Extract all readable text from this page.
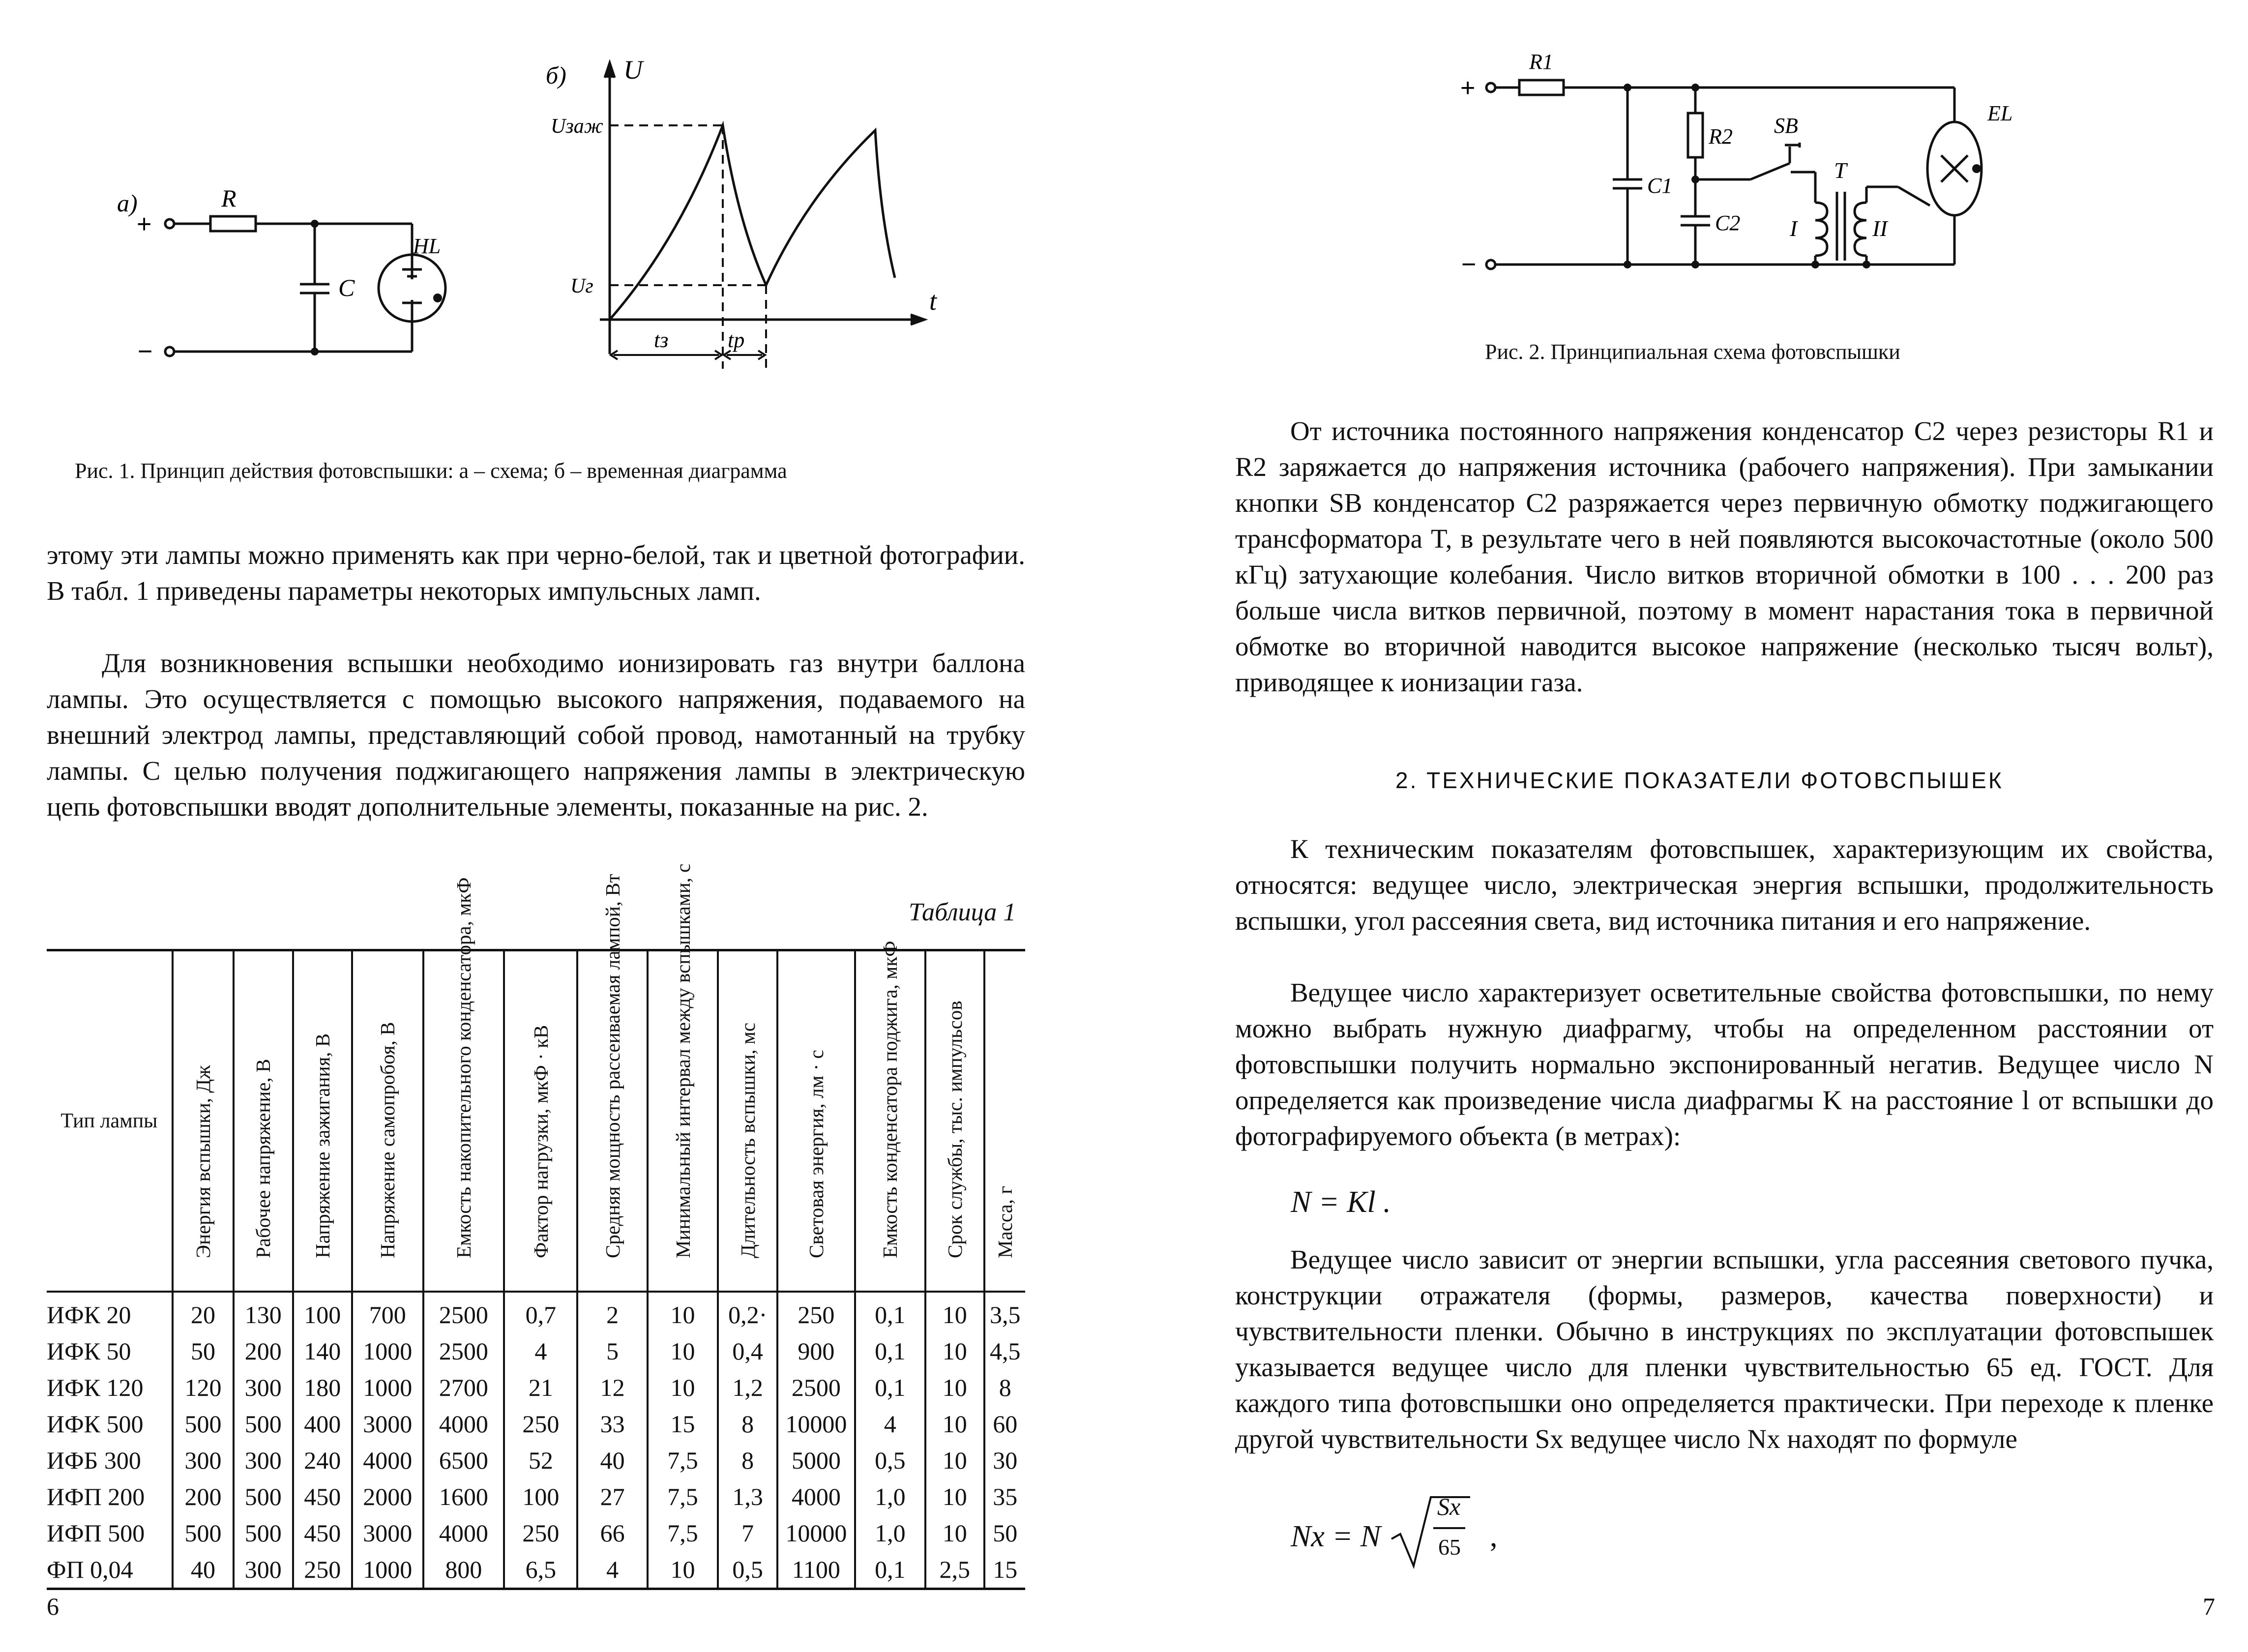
а)
+
−
R
C
HL
б) U
Uзаж
Uг	t
tз	tр
Рис. 1. Принцип действия фотовспышки: а – схема; б – временная диаграмма

этому эти лампы можно применять как при черно-белой, так и цветной фотографии. В табл. 1 приведены параметры некоторых импульсных ламп.

Для возникновения вспышки необходимо ионизировать газ внутри баллона лампы. Это осуществляется с помощью высокого напряжения, подаваемого на внешний электрод лампы, представляющий собой провод, намотанный на трубку лампы. С целью получения поджигающего напряжения лампы в электрическую цепь фотовспышки вводят дополнительные элементы, показанные на рис. 2.

Таблица 1
Тип лампы	Энергия вспышки, Дж	Рабочее напряжение, В	Напряжение зажигания, В	Напряжение самопробоя, В	Емкость накопительного конденсатора, мкФ	Фактор нагрузки, мкФ · кВ	Средняя мощность рассеиваемая лампой, Вт	Минимальный интервал между вспышками, с	Длительность вспышки, мс	Световая энергия, лм · с	Емкость конденсатора поджига, мкФ	Срок службы, тыс. импульсов	Масса, г

ИФК 20	20	130	100	700	2500	0,7	2	10	0,2·	250	0,1	10	3,5
ИФК 50	50	200	140	1000	2500	4	5	10	0,4	900	0,1	10	4,5
ИФК 120	120	300	180	1000	2700	21	12	10	1,2	2500	0,1	10	8
ИФК 500	500	500	400	3000	4000	250	33	15	8	10000	4	10	60
ИФБ 300	300	300	240	4000	6500	52	40	7,5	8	5000	0,5	10	30
ИФП 200	200	500	450	2000	1600	100	27	7,5	1,3	4000	1,0	10	35
ИФП 500	500	500	450	3000	4000	250	66	7,5	7	10000	1,0	10	50
ФП 0,04	40	300	250	1000	800	6,5	4	10	0,5	1100	0,1	2,5	15
6
+
−
R1
R2
C1
C2
SB
T
I	II
EL
Рис. 2. Принципиальная схема фотовспышки

От источника постоянного напряжения конденсатор C2 через резисторы R1 и R2 заряжается до напряжения источника (рабочего напряжения). При замыкании кнопки SB конденсатор C2 разряжается через первичную обмотку поджигающего трансформатора T, в результате чего в ней появляются высокочастотные (около 500 кГц) затухающие колебания. Число витков вторичной обмотки в 100 . . . 200 раз больше числа витков первичной, поэтому в момент нарастания тока в первичной обмотке во вторичной наводится высокое напряжение (несколько тысяч вольт), приводящее к ионизации газа.

2. ТЕХНИЧЕСКИЕ ПОКАЗАТЕЛИ ФОТОВСПЫШЕК

К техническим показателям фотовспышек, характеризующим их свойства, относятся: ведущее число, электрическая энергия вспышки, продолжительность вспышки, угол рассеяния света, вид источника питания и его напряжение.

Ведущее число характеризует осветительные свойства фотовспышки, по нему можно выбрать нужную диафрагму, чтобы на определенном расстоянии от фотовспышки получить нормально экспонированный негатив. Ведущее число N определяется как произведение числа диафрагмы K на расстояние l от вспышки до фотографируемого объекта (в метрах):

N = Kl .

Ведущее число зависит от энергии вспышки, угла рассеяния светового пучка, конструкции отражателя (формы, размеров, качества поверхности) и чувствительности пленки. Обычно в инструкциях по эксплуатации фотовспышек указывается ведущее число для пленки чувствительностью 65 ед. ГОСТ. Для каждого типа фотовспышки оно определяется практически. При переходе к пленке другой чувствительности Sx ведущее число Nx находят по формуле

Nx = N
Sx
65 ,
7
